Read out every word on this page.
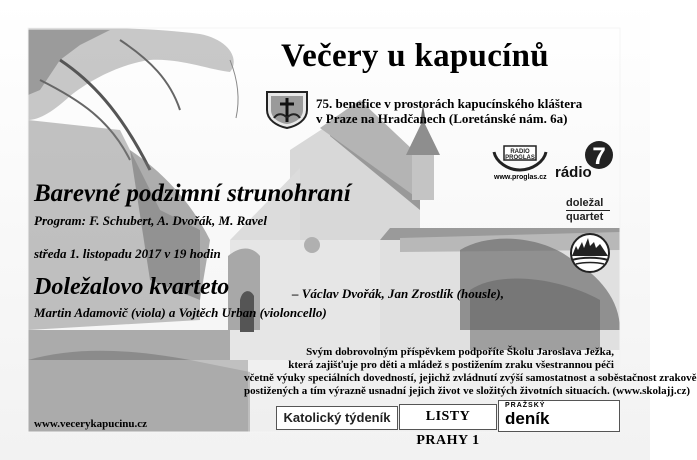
Večery u kapucínů
75. benefice v prostorách kapucínského kláštera
v Praze na Hradčanech (Loretánské nám. 6a)
RADIO
PROGLAS
www.proglas.cz
7
rádio
doležal
quartet
Barevné podzimní strunohraní
Program: F. Schubert, A. Dvořák, M. Ravel
středa 1. listopadu 2017 v 19 hodin
Doležalovo kvarteto	– Václav Dvořák, Jan Zrostlík (housle),
Martin Adamovič (viola) a Vojtěch Urban (violoncello)
Svým dobrovolným příspěvkem podpoříte Školu Jaroslava Ježka,
která zajišťuje pro děti a mládež s postižením zraku všestrannou péči
včetně výuky speciálních dovedností, jejichž zvládnutí zvýší samostatnost a soběstačnost zrakově
postižených a tím výrazně usnadní jejich život ve složitých životních situacích. (www.skolajj.cz)
www.vecerykapucinu.cz	Katolický týdeník	LISTY PRAHY 1
PRAŽSKÝ
deník
